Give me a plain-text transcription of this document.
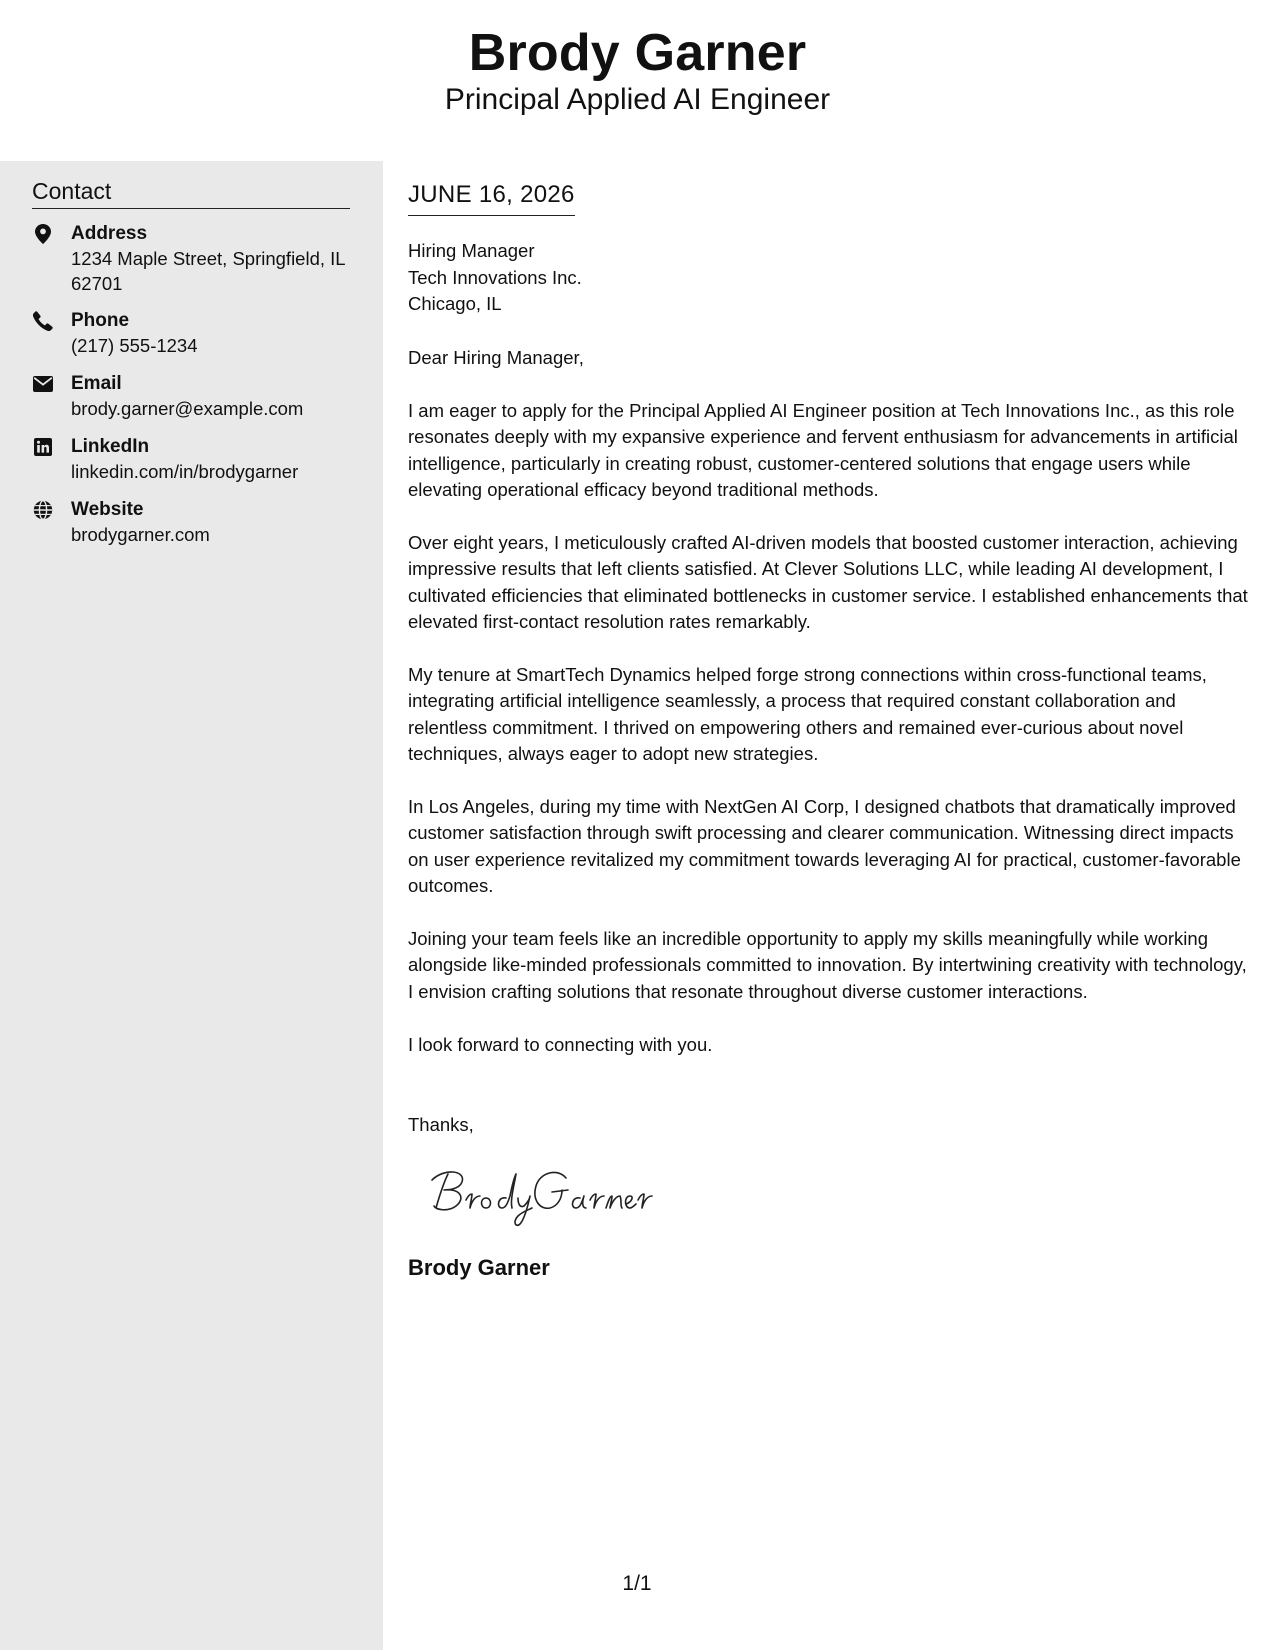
Brody Garner
Principal Applied AI Engineer
Contact
Address
1234 Maple Street, Springfield, IL 62701
Phone
(217) 555-1234
Email
brody.garner@example.com
LinkedIn
linkedin.com/in/brodygarner
Website
brodygarner.com
JUNE 16, 2026
Hiring Manager
Tech Innovations Inc.
Chicago, IL
Dear Hiring Manager,

I am eager to apply for the Principal Applied AI Engineer position at Tech Innovations Inc., as this role resonates deeply with my expansive experience and fervent enthusiasm for advancements in artificial intelligence, particularly in creating robust, customer-centered solutions that engage users while elevating operational efficacy beyond traditional methods.

Over eight years, I meticulously crafted AI-driven models that boosted customer interaction, achieving impressive results that left clients satisfied. At Clever Solutions LLC, while leading AI development, I cultivated efficiencies that eliminated bottlenecks in customer service. I established enhancements that elevated first-contact resolution rates remarkably.

My tenure at SmartTech Dynamics helped forge strong connections within cross-functional teams, integrating artificial intelligence seamlessly, a process that required constant collaboration and relentless commitment. I thrived on empowering others and remained ever-curious about novel techniques, always eager to adopt new strategies.

In Los Angeles, during my time with NextGen AI Corp, I designed chatbots that dramatically improved customer satisfaction through swift processing and clearer communication. Witnessing direct impacts on user experience revitalized my commitment towards leveraging AI for practical, customer-favorable outcomes.

Joining your team feels like an incredible opportunity to apply my skills meaningfully while working alongside like-minded professionals committed to innovation. By intertwining creativity with technology, I envision crafting solutions that resonate throughout diverse customer interactions.

I look forward to connecting with you.

Thanks,
Brody Garner
1/1
